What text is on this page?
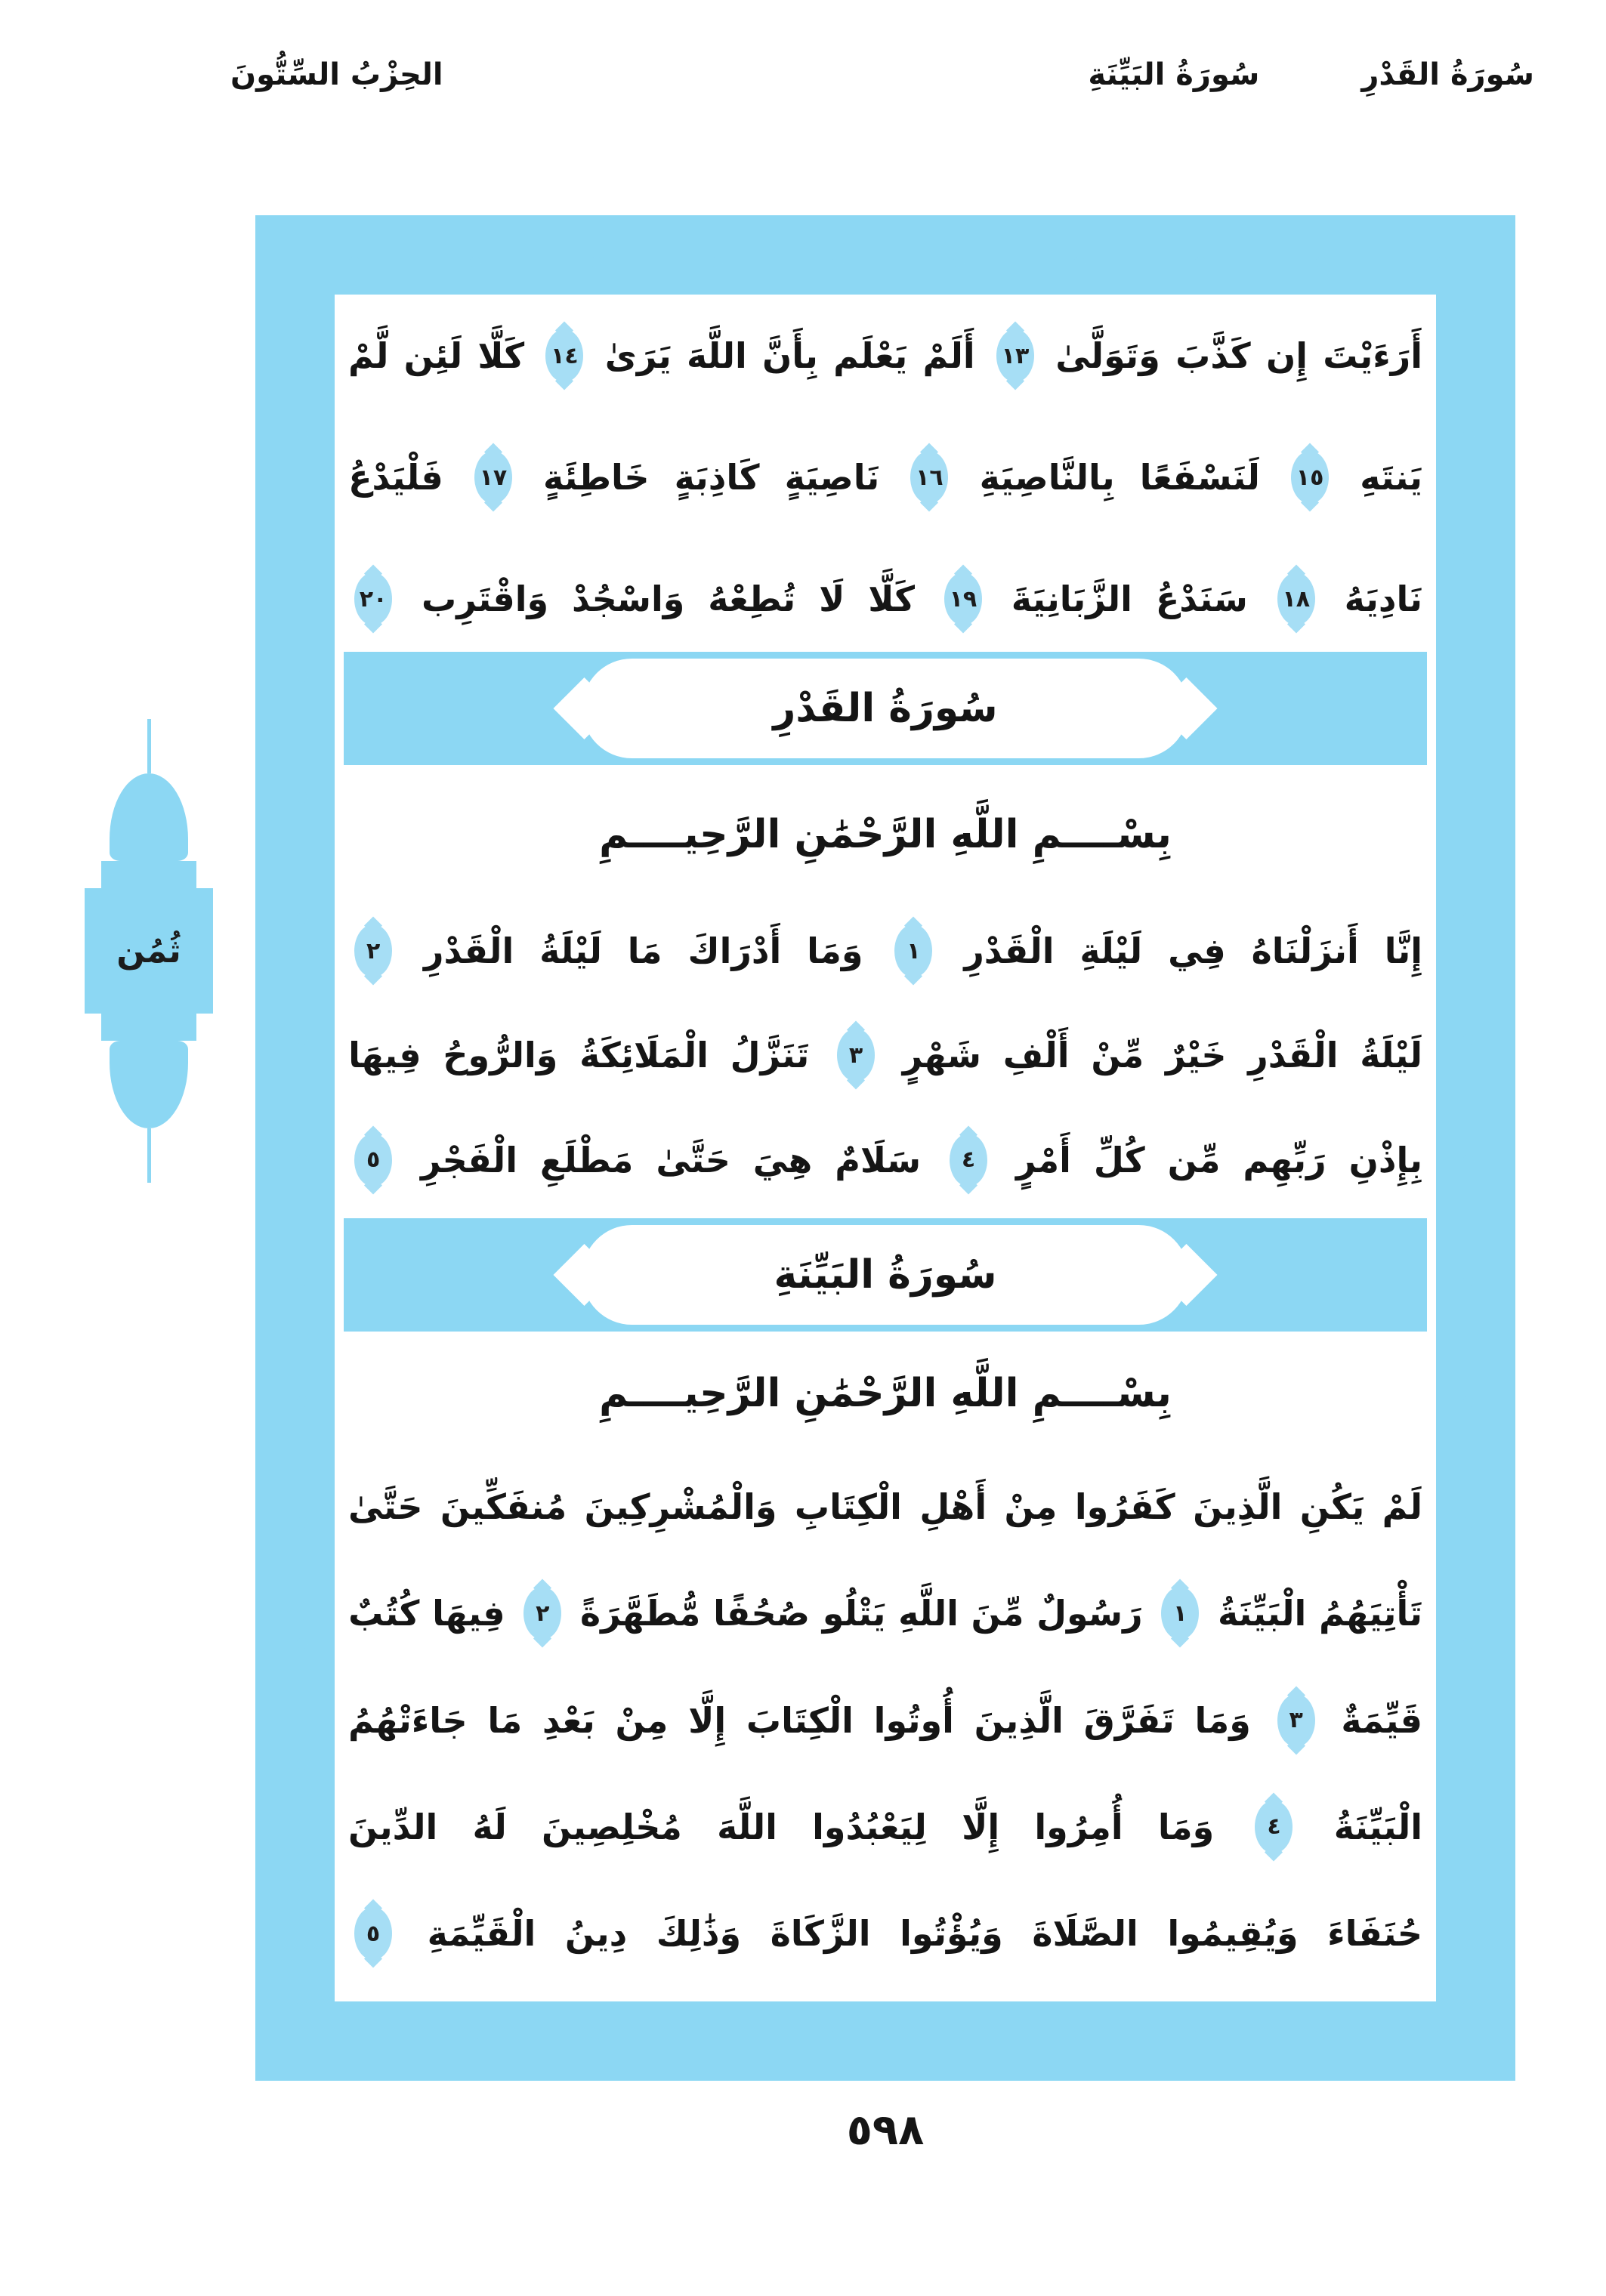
سُورَةُ القَدْرِ
سُورَةُ البَيِّنَةِ
الحِزْبُ السِّتُّونَ
أَرَءَيْتَ
إِن
كَذَّبَ
وَتَوَلَّىٰ
١٣
أَلَمْ
يَعْلَم
بِأَنَّ
اللَّهَ
يَرَىٰ
١٤
كَلَّا
لَئِن
لَّمْ
يَنتَهِ
١٥
لَنَسْفَعًا
بِالنَّاصِيَةِ
١٦
نَاصِيَةٍ
كَاذِبَةٍ
خَاطِئَةٍ
١٧
فَلْيَدْعُ
نَادِيَهُ
١٨
سَنَدْعُ
الزَّبَانِيَةَ
١٩
كَلَّا
لَا
تُطِعْهُ
وَاسْجُدْ
وَاقْتَرِب
٢٠
سُورَةُ القَدْرِ
بِسْــــمِ اللَّهِ الرَّحْمَٰنِ الرَّحِيــــمِ
إِنَّا
أَنزَلْنَاهُ
فِي
لَيْلَةِ
الْقَدْرِ
١
وَمَا
أَدْرَاكَ
مَا
لَيْلَةُ
الْقَدْرِ
٢
لَيْلَةُ
الْقَدْرِ
خَيْرٌ
مِّنْ
أَلْفِ
شَهْرٍ
٣
تَنَزَّلُ
الْمَلَائِكَةُ
وَالرُّوحُ
فِيهَا
بِإِذْنِ
رَبِّهِم
مِّن
كُلِّ
أَمْرٍ
٤
سَلَامٌ
هِيَ
حَتَّىٰ
مَطْلَعِ
الْفَجْرِ
٥
سُورَةُ البَيِّنَةِ
بِسْــــمِ اللَّهِ الرَّحْمَٰنِ الرَّحِيــــمِ
لَمْ
يَكُنِ
الَّذِينَ
كَفَرُوا
مِنْ
أَهْلِ
الْكِتَابِ
وَالْمُشْرِكِينَ
مُنفَكِّينَ
حَتَّىٰ
تَأْتِيَهُمُ
الْبَيِّنَةُ
١
رَسُولٌ
مِّنَ
اللَّهِ
يَتْلُو
صُحُفًا
مُّطَهَّرَةً
٢
فِيهَا
كُتُبٌ
قَيِّمَةٌ
٣
وَمَا
تَفَرَّقَ
الَّذِينَ
أُوتُوا
الْكِتَابَ
إِلَّا
مِنْ
بَعْدِ
مَا
جَاءَتْهُمُ
الْبَيِّنَةُ
٤
وَمَا
أُمِرُوا
إِلَّا
لِيَعْبُدُوا
اللَّهَ
مُخْلِصِينَ
لَهُ
الدِّينَ
حُنَفَاءَ
وَيُقِيمُوا
الصَّلَاةَ
وَيُؤْتُوا
الزَّكَاةَ
وَذَٰلِكَ
دِينُ
الْقَيِّمَةِ
٥
ثُمُن
٥٩٨
